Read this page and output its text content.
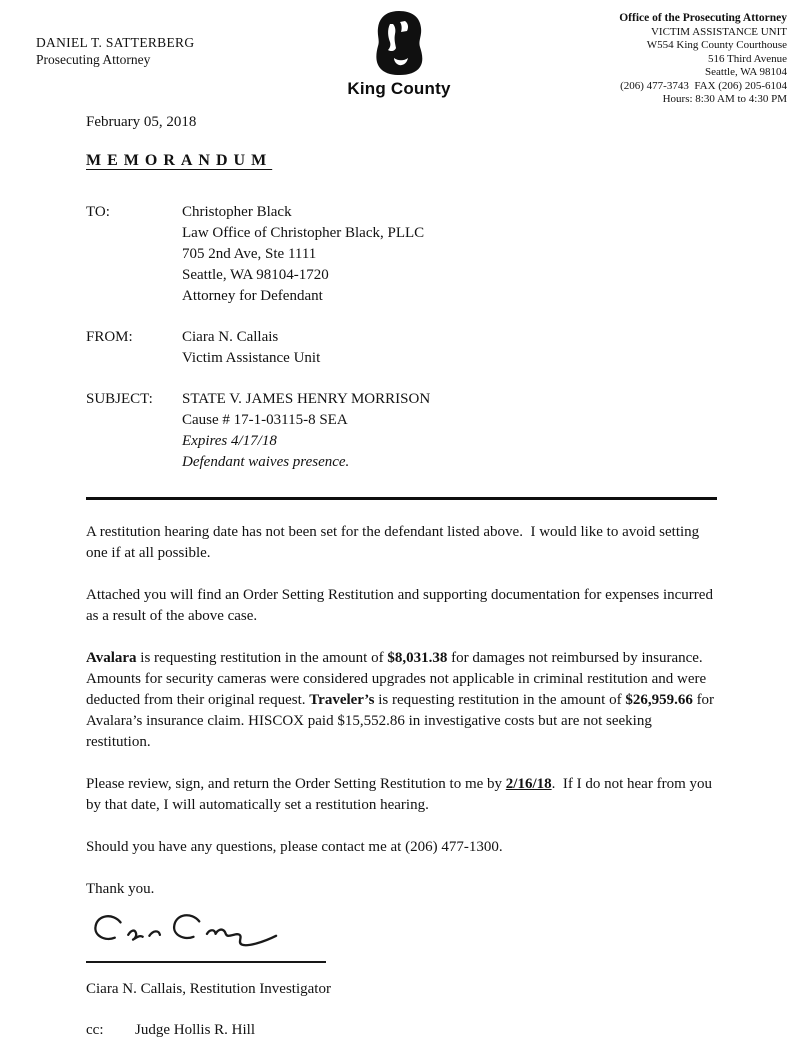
DANIEL T. SATTERBERG
Prosecuting Attorney
King County
Office of the Prosecuting Attorney
VICTIM ASSISTANCE UNIT
W554 King County Courthouse
516 Third Avenue
Seattle, WA 98104
(206) 477-3743  FAX (206) 205-6104
Hours: 8:30 AM to 4:30 PM
February 05, 2018
MEMORANDUM
TO:	Christopher Black
Law Office of Christopher Black, PLLC
705 2nd Ave, Ste 1111
Seattle, WA 98104-1720
Attorney for Defendant
FROM:	Ciara N. Callais
Victim Assistance Unit
SUBJECT:	STATE V. JAMES HENRY MORRISON
Cause # 17-1-03115-8 SEA
Expires 4/17/18
Defendant waives presence.

A restitution hearing date has not been set for the defendant listed above.  I would like to avoid setting one if at all possible.

Attached you will find an Order Setting Restitution and supporting documentation for expenses incurred as a result of the above case.

Avalara is requesting restitution in the amount of $8,031.38 for damages not reimbursed by insurance. Amounts for security cameras were considered upgrades not applicable in criminal restitution and were deducted from their original request. Traveler’s is requesting restitution in the amount of $26,959.66 for Avalara’s insurance claim. HISCOX paid $15,552.86 in investigative costs but are not seeking restitution.

Please review, sign, and return the Order Setting Restitution to me by 2/16/18.  If I do not hear from you by that date, I will automatically set a restitution hearing.

Should you have any questions, please contact me at (206) 477-1300.

Thank you.

Ciara N. Callais, Restitution Investigator
cc:	Judge Hollis R. Hill
